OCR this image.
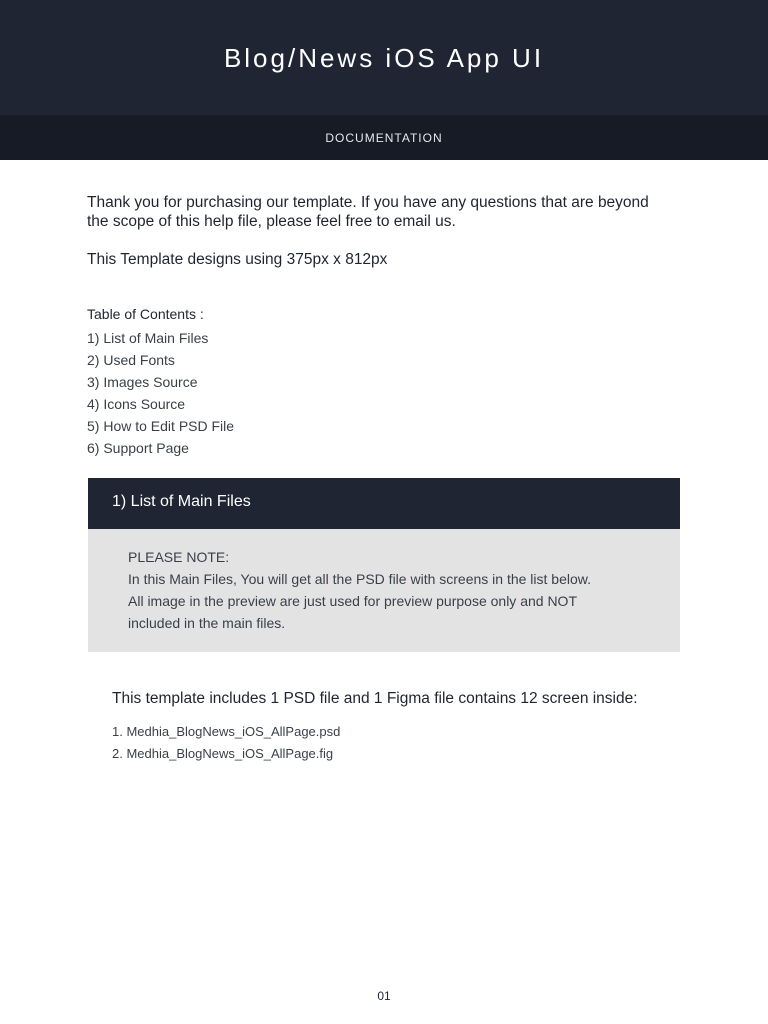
Blog/News iOS App UI
DOCUMENTATION

Thank you for purchasing our template. If you have any questions that are beyond the scope of this help file, please feel free to email us.

This Template designs using 375px x 812px

Table of Contents :
1) List of Main Files
2) Used Fonts
3) Images Source
4) Icons Source
5) How to Edit PSD File
6) Support Page
1) List of Main Files
PLEASE NOTE:
In this Main Files, You will get all the PSD file with screens in the list below.
All image in the preview are just used for preview purpose only and NOT
included in the main files.
This template includes 1 PSD file and 1 Figma file contains 12 screen inside:
1. Medhia_BlogNews_iOS_AllPage.psd
2. Medhia_BlogNews_iOS_AllPage.fig
01
